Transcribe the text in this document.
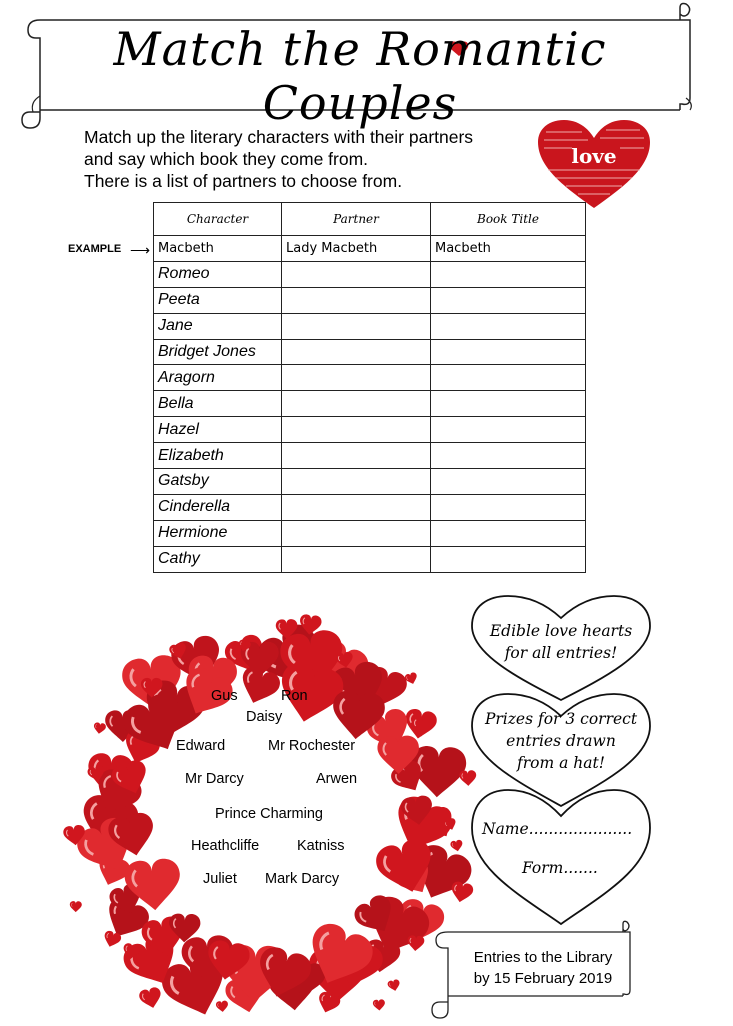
Match the Romantic Couples
Match up the literary characters with their partners
and say which book they come from.
There is a list of partners to choose from.
love
EXAMPLE ⟶
Character	Partner	Book Title
Macbeth	Lady Macbeth	Macbeth
Romeo		
Peeta		
Jane		
Bridget Jones		
Aragorn		
Bella		
Hazel		
Elizabeth		
Gatsby		
Cinderella		
Hermione		
Cathy		
Gus	Ron
Daisy
Edward	Mr Rochester
Mr Darcy	Arwen
Prince Charming
Heathcliffe	Katniss
Juliet Mark Darcy
Edible love hearts
for all entries!
Prizes for 3 correct
entries drawn
from a hat!
Name.....................
Form.......
Entries to the Library
by 15 February 2019
